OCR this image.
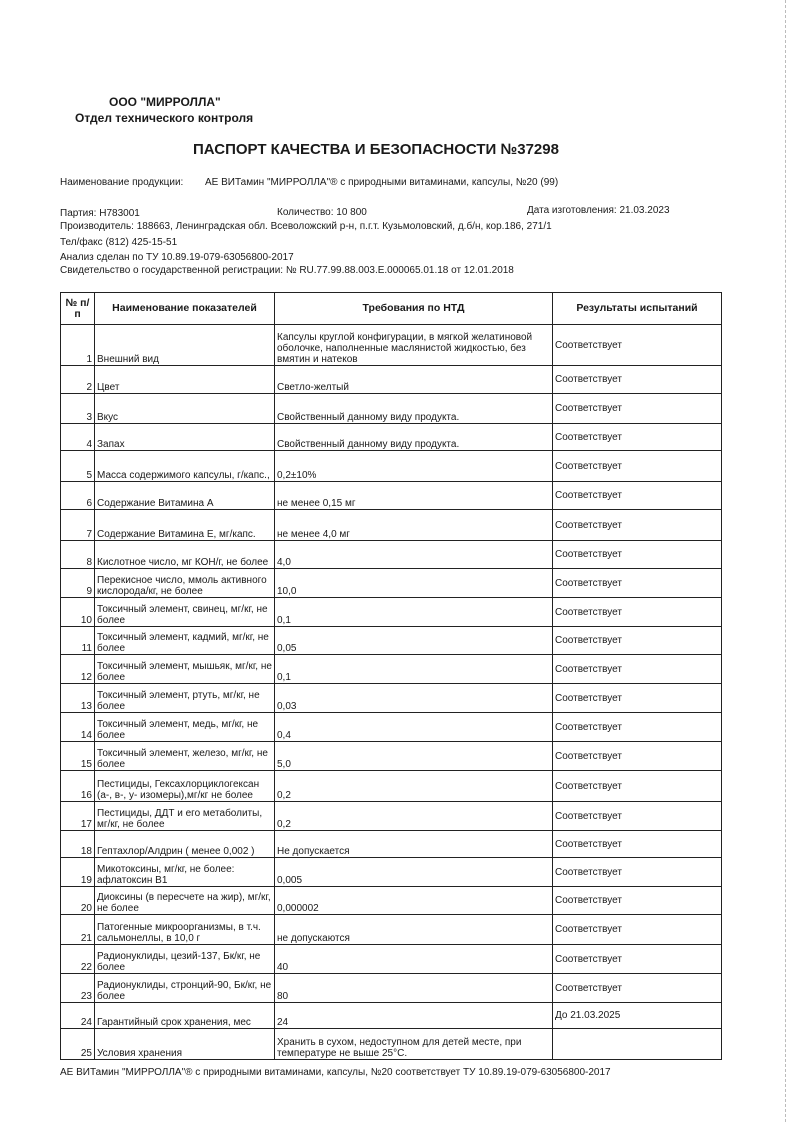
ООО "МИРРОЛЛА"
Отдел технического контроля
ПАСПОРТ КАЧЕСТВА И БЕЗОПАСНОСТИ №37298
Наименование продукции: АЕ ВИТамин "МИРРОЛЛА"® с природными витаминами, капсулы, №20 (99)
Партия: H783001	Количество: 10 800	Дата изготовления: 21.03.2023
Производитель: 188663, Ленинградская обл. Всеволожский р-н, п.г.т. Кузьмоловский, д.б/н, кор.186, 271/1
Тел/факс (812) 425-15-51
Анализ сделан по ТУ 10.89.19-079-63056800-2017
Свидетельство о государственной регистрации: № RU.77.99.88.003.Е.000065.01.18 от 12.01.2018
№ п/п	Наименование показателей	Требования по НТД	Результаты испытаний
1	Внешний вид	Капсулы круглой конфигурации, в мягкой желатиновой оболочке, наполненные масляниcтой жидкостью, без вмятин и натеков	Соответствует
2	Цвет	Светло-желтый	Соответствует
3	Вкус	Свойственный данному виду продукта.	Соответствует
4	Запах	Свойственный данному виду продукта.	Соответствует
5	Масса содержимого капсулы, г/капс.,	0,2±10%	Соответствует
6	Содержание Витамина А	не менее 0,15 мг	Соответствует
7	Содержание Витамина Е, мг/капс.	не менее 4,0 мг	Соответствует
8	Кислотное число, мг КОН/г, не более	4,0	Соответствует
9	Перекисное число, ммоль активного кислорода/кг, не более	10,0	Соответствует
10	Токсичный элемент, свинец, мг/кг, не более	0,1	Соответствует
11	Токсичный элемент, кадмий, мг/кг, не более	0,05	Соответствует
12	Токсичный элемент, мышьяк, мг/кг, не более	0,1	Соответствует
13	Токсичный элемент, ртуть, мг/кг, не более	0,03	Соответствует
14	Токсичный элемент, медь, мг/кг, не более	0,4	Соответствует
15	Токсичный элемент, железо, мг/кг, не более	5,0	Соответствует
16	Пестициды, Гексахлорциклогексан (а-, в-, у- изомеры),мг/кг не более	0,2	Соответствует
17	Пестициды, ДДТ и его метаболиты, мг/кг, не более	0,2	Соответствует
18	Гептахлор/Алдрин ( менее 0,002 )	Не допускается	Соответствует
19	Микотоксины, мг/кг, не более: афлатоксин В1	0,005	Соответствует
20	Диоксины (в пересчете на жир), мг/кг, не более	0,000002	Соответствует
21	Патогенные микроорганизмы, в т.ч. сальмонеллы, в 10,0 г	не допускаются	Соответствует
22	Радионуклиды, цезий-137, Бк/кг, не более	40	Соответствует
23	Радионуклиды, стронций-90, Бк/кг, не более	80	Соответствует
24	Гарантийный срок хранения, мес	24	До 21.03.2025
25	Условия хранения	Хранить в сухом, недоступном для детей месте, при температуре не выше 25°С.	
АЕ ВИТамин "МИРРОЛЛА"® с природными витаминами, капсулы, №20 соответствует ТУ 10.89.19-079-63056800-2017
